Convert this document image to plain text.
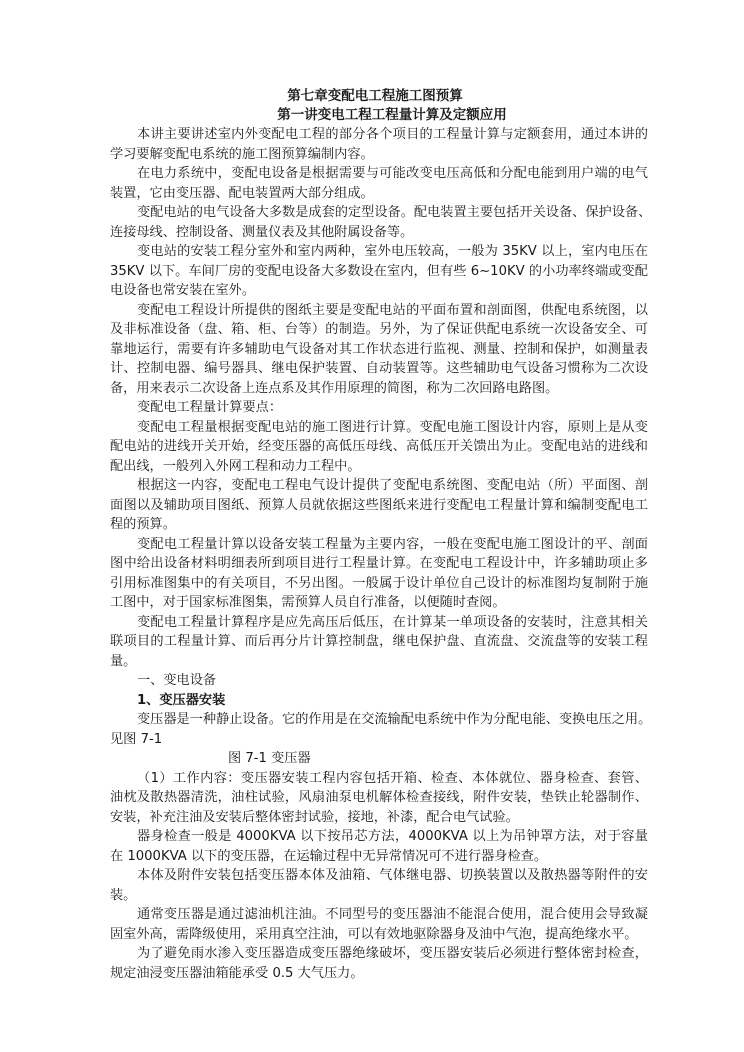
第七章变配电工程施工图预算
第一讲变电工程工程量计算及定额应用
本讲主要讲述室内外变配电工程的部分各个项目的工程量计算与定额套用，通过本讲的
学习要解变配电系统的施工图预算编制内容。
在电力系统中，变配电设备是根据需要与可能改变电压高低和分配电能到用户端的电气
装置，它由变压器、配电装置两大部分组成。
变配电站的电气设备大多数是成套的定型设备。配电装置主要包括开关设备、保护设备、
连接母线、控制设备、测量仪表及其他附属设备等。
变电站的安装工程分室外和室内两种，室外电压较高，一般为 35KV 以上，室内电压在
35KV 以下。车间厂房的变配电设备大多数设在室内，但有些 6~10KV 的小功率终端或变配
电设备也常安装在室外。
变配电工程设计所提供的图纸主要是变配电站的平面布置和剖面图，供配电系统图，以
及非标准设备（盘、箱、柜、台等）的制造。另外，为了保证供配电系统一次设备安全、可
靠地运行，需要有许多辅助电气设备对其工作状态进行监视、测量、控制和保护，如测量表
计、控制电器、编号器具、继电保护装置、自动装置等。这些辅助电气设备习惯称为二次设
备，用来表示二次设备上连点系及其作用原理的简图，称为二次回路电路图。
变配电工程量计算要点：
变配电工程量根据变配电站的施工图进行计算。变配电施工图设计内容，原则上是从变
配电站的进线开关开始，经变压器的高低压母线、高低压开关馈出为止。变配电站的进线和
配出线，一般列入外网工程和动力工程中。
根据这一内容，变配电工程电气设计提供了变配电系统图、变配电站（所）平面图、剖
面图以及辅助项目图纸、预算人员就依据这些图纸来进行变配电工程量计算和编制变配电工
程的预算。
变配电工程量计算以设备安装工程量为主要内容，一般在变配电施工图设计的平、剖面
图中给出设备材料明细表所到项目进行工程量计算。在变配电工程设计中，许多辅助项止多
引用标准图集中的有关项目，不另出图。一般属于设计单位自己设计的标准图均复制附于施
工图中，对于国家标准图集，需预算人员自行准备，以便随时查阅。
变配电工程量计算程序是应先高压后低压，在计算某一单项设备的安装时，注意其相关
联项目的工程量计算、而后再分片计算控制盘，继电保护盘、直流盘、交流盘等的安装工程
量。
一、变电设备
1、变压器安装
变压器是一种静止设备。它的作用是在交流输配电系统中作为分配电能、变换电压之用。
见图 7-1
图 7-1 变压器
（1）工作内容：变压器安装工程内容包括开箱、检查、本体就位、器身检查、套管、
油枕及散热器清洗，油柱试验，风扇油泵电机解体检查接线，附件安装，垫铁止轮器制作、
安装，补充注油及安装后整体密封试验，接地，补漆，配合电气试验。
器身检查一般是 4000KVA 以下按吊芯方法，4000KVA 以上为吊钟罩方法，对于容量
在 1000KVA 以下的变压器，在运输过程中无异常情况可不进行器身检查。
本体及附件安装包括变压器本体及油箱、气体继电器、切换装置以及散热器等附件的安
装。
通常变压器是通过滤油机注油。不同型号的变压器油不能混合使用，混合使用会导致凝
固室外高，需降级使用，采用真空注油，可以有效地驱除器身及油中气泡，提高绝缘水平。
为了避免雨水渗入变压器造成变压器绝缘破坏，变压器安装后必须进行整体密封检查，
规定油浸变压器油箱能承受 0.5 大气压力。
